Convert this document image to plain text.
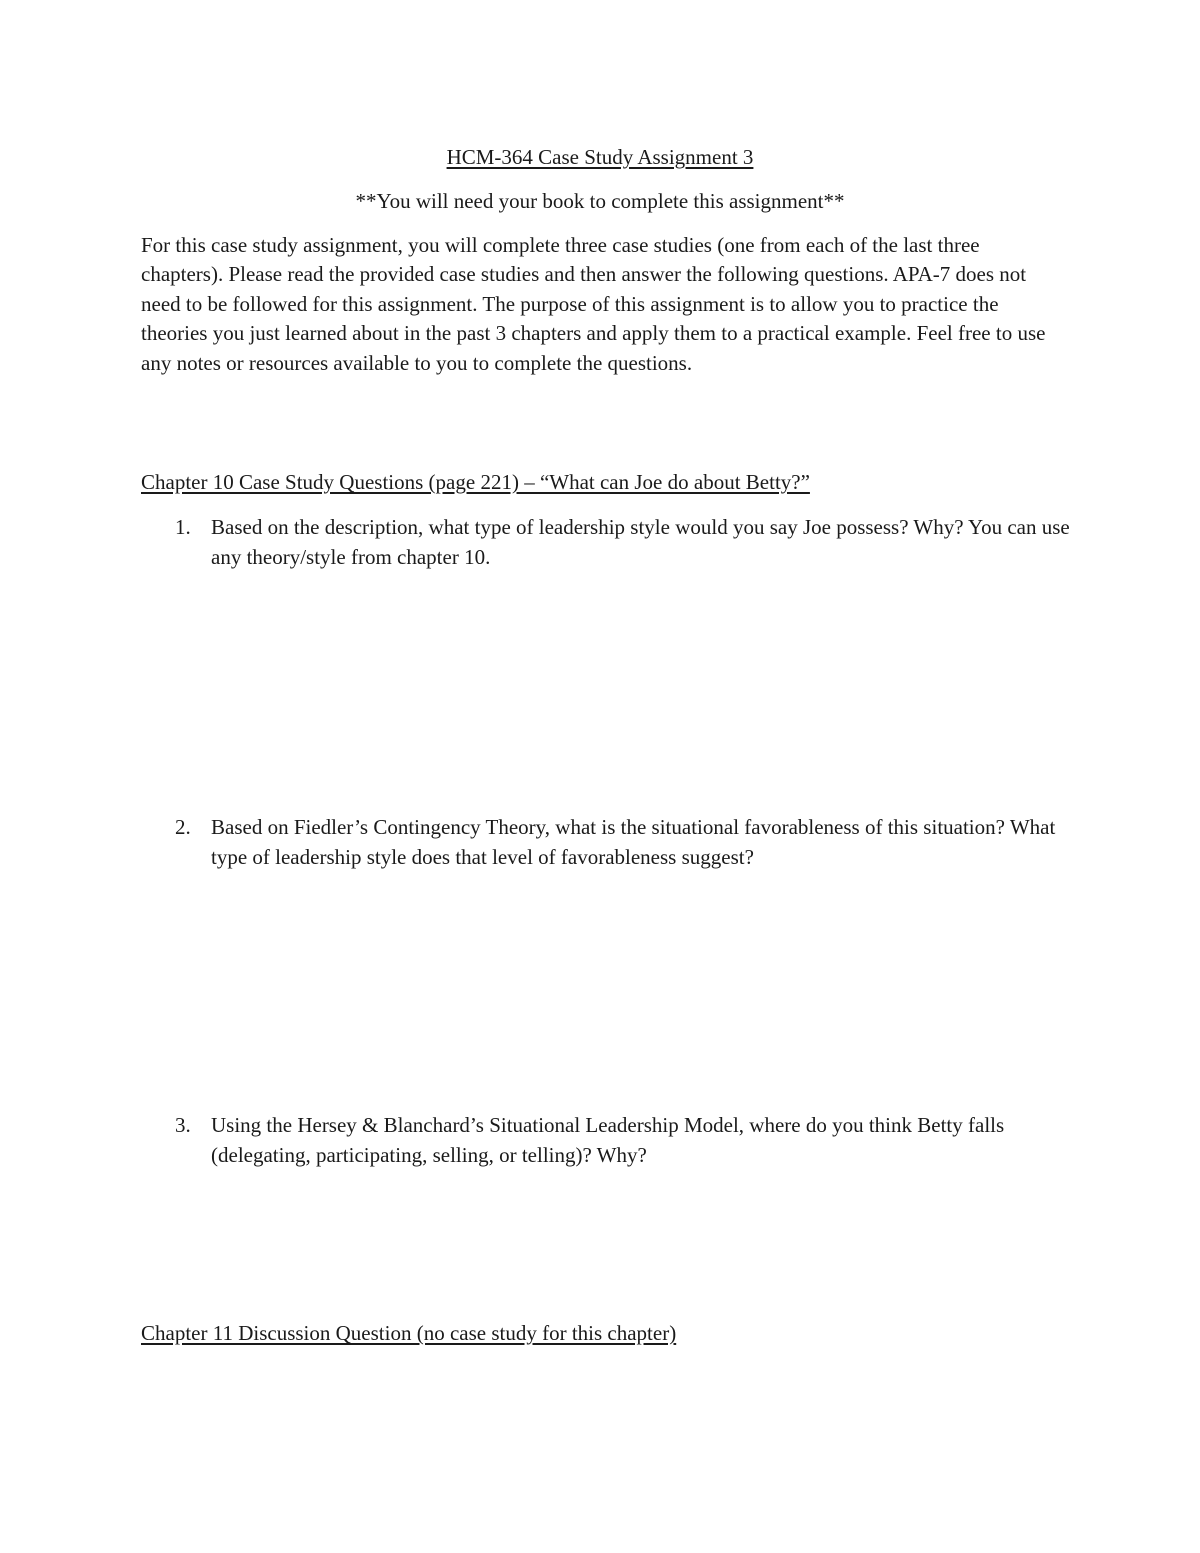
HCM-364 Case Study Assignment 3
**You will need your book to complete this assignment**

For this case study assignment, you will complete three case studies (one from each of the last three chapters). Please read the provided case studies and then answer the following questions. APA-7 does not need to be followed for this assignment. The purpose of this assignment is to allow you to practice the theories you just learned about in the past 3 chapters and apply them to a practical example. Feel free to use any notes or resources available to you to complete the questions.

Chapter 10 Case Study Questions (page 221) – “What can Joe do about Betty?”
1. Based on the description, what type of leadership style would you say Joe possess? Why? You can use any theory/style from chapter 10.
2. Based on Fiedler’s Contingency Theory, what is the situational favorableness of this situation? What type of leadership style does that level of favorableness suggest?
3. Using the Hersey & Blanchard’s Situational Leadership Model, where do you think Betty falls (delegating, participating, selling, or telling)? Why?
Chapter 11 Discussion Question (no case study for this chapter)
